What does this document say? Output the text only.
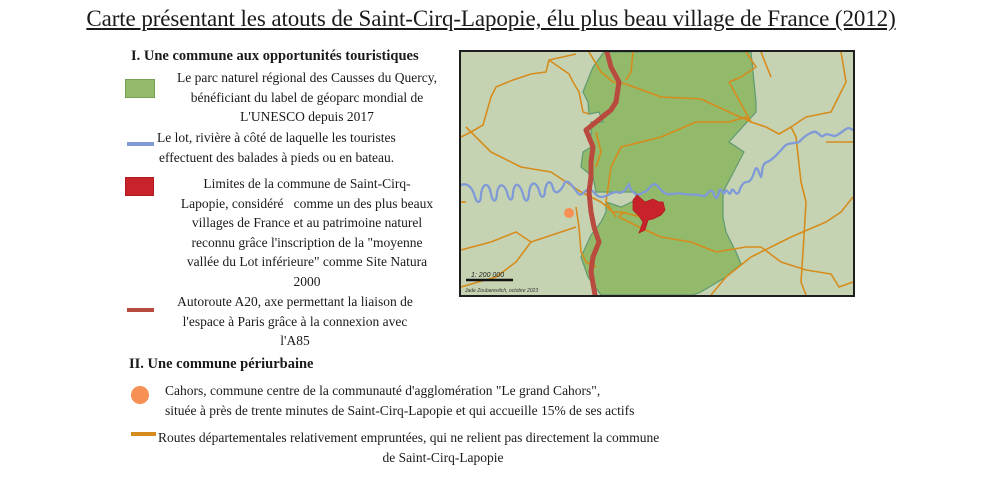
Carte présentant les atouts de Saint-Cirq-Lapopie, élu plus beau village de France (2012)
I. Une commune aux opportunités touristiques
Le parc naturel régional des Causses du Quercy,
bénéficiant du label de géoparc mondial de
L'UNESCO depuis 2017
Le lot, rivière à côté de laquelle les touristes
effectuent des balades à pieds ou en bateau.
Limites de la commune de Saint-Cirq-
Lapopie, considéré   comme un des plus beaux
villages de France et au patrimoine naturel
reconnu grâce l'inscription de la "moyenne
vallée du Lot inférieure" comme Site Natura
2000
Autoroute A20, axe permettant la liaison de
l'espace à Paris grâce à la connexion avec
l'A85
II. Une commune périurbaine
Cahors, commune centre de la communauté d'agglomération "Le grand Cahors",
située à près de trente minutes de Saint-Cirq-Lapopie et qui accueille 15% de ses actifs
Routes départementales relativement empruntées, qui ne relient pas directement la commune
de Saint-Cirq-Lapopie
1: 200 000
Jade Zoubarevitch, octobre 2023
